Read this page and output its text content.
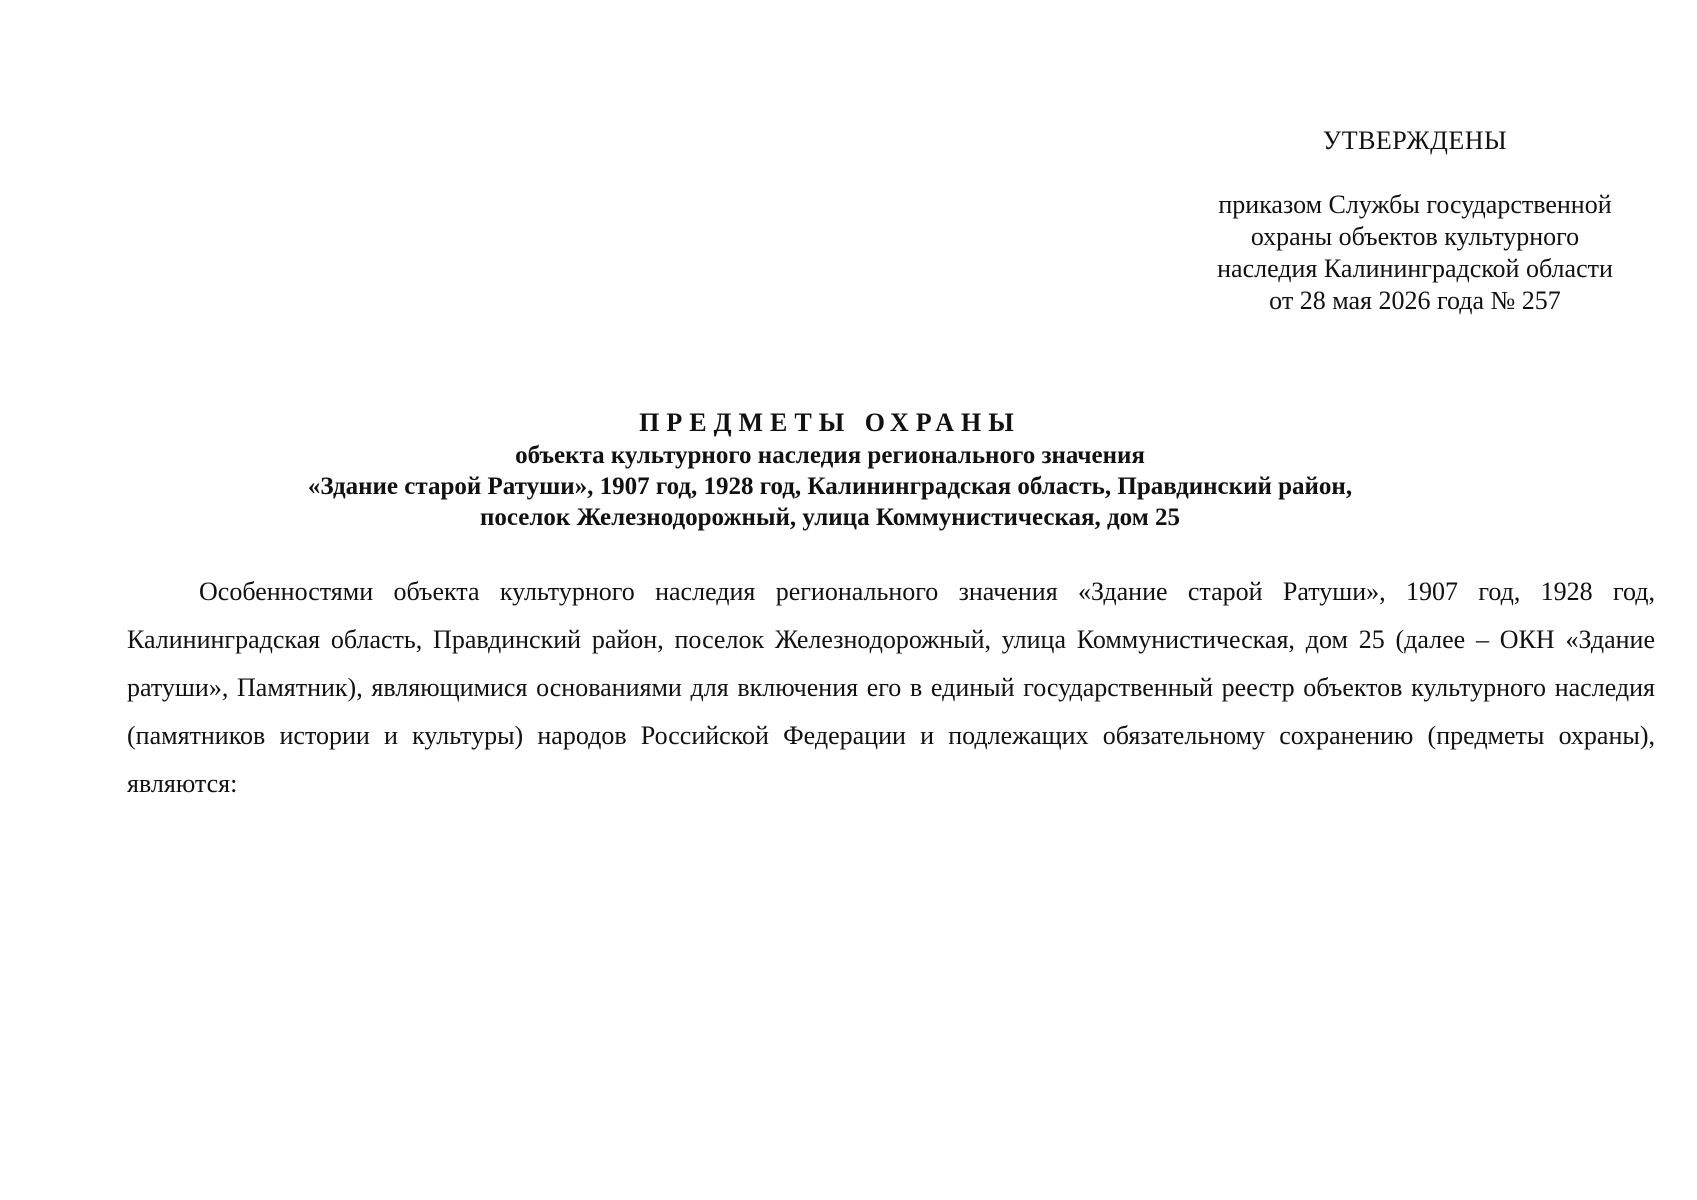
УТВЕРЖДЕНЫ
приказом Службы государственной
охраны объектов культурного
наследия Калининградской области
от 28 мая 2026 года № 257
ПРЕДМЕТЫ ОХРАНЫ
объекта культурного наследия регионального значения
«Здание старой Ратуши», 1907 год, 1928 год, Калининградская область, Правдинский район,
поселок Железнодорожный, улица Коммунистическая, дом 25

Особенностями объекта культурного наследия регионального значения «Здание старой Ратуши», 1907 год, 1928 год, Калининградская область, Правдинский район, поселок Железнодорожный, улица Коммунистическая, дом 25 (далее – ОКН «Здание ратуши», Памятник), являющимися основаниями для включения его в единый государственный реестр объектов культурного наследия (памятников истории и культуры) народов Российской Федерации и подлежащих обязательному сохранению (предметы охраны), являются:
